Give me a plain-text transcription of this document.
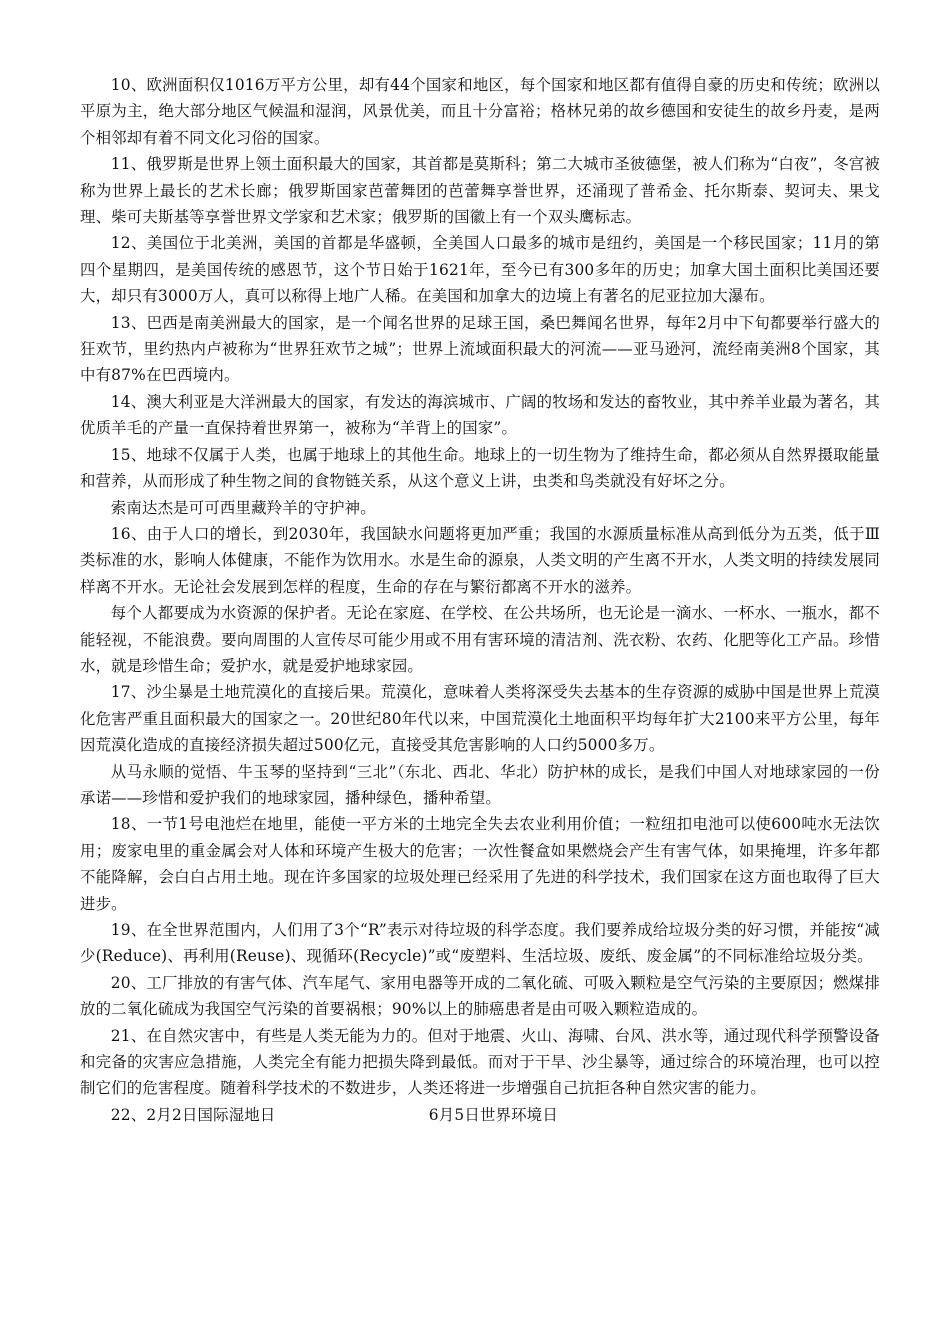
10、欧洲面积仅1016万平方公里，却有44个国家和地区，每个国家和地区都有值得自豪的历史和传统；欧洲以平原为主，绝大部分地区气候温和湿润，风景优美，而且十分富裕；格林兄弟的故乡德国和安徒生的故乡丹麦，是两个相邻却有着不同文化习俗的国家。

11、俄罗斯是世界上领土面积最大的国家，其首都是莫斯科；第二大城市圣彼德堡，被人们称为“白夜”，冬宫被称为世界上最长的艺术长廊；俄罗斯国家芭蕾舞团的芭蕾舞享誉世界，还涌现了普希金、托尔斯泰、契诃夫、果戈理、柴可夫斯基等享誉世界文学家和艺术家；俄罗斯的国徽上有一个双头鹰标志。

12、美国位于北美洲，美国的首都是华盛顿，全美国人口最多的城市是纽约，美国是一个移民国家；11月的第四个星期四，是美国传统的感恩节，这个节日始于1621年，至今已有300多年的历史；加拿大国土面积比美国还要大，却只有3000万人，真可以称得上地广人稀。在美国和加拿大的边境上有著名的尼亚拉加大瀑布。

13、巴西是南美洲最大的国家，是一个闻名世界的足球王国，桑巴舞闻名世界，每年2月中下旬都要举行盛大的狂欢节，里约热内卢被称为“世界狂欢节之城”；世界上流域面积最大的河流——亚马逊河，流经南美洲8个国家，其中有87%在巴西境内。

14、澳大利亚是大洋洲最大的国家，有发达的海滨城市、广阔的牧场和发达的畜牧业，其中养羊业最为著名，其优质羊毛的产量一直保持着世界第一，被称为“羊背上的国家”。

15、地球不仅属于人类，也属于地球上的其他生命。地球上的一切生物为了维持生命，都必须从自然界摄取能量和营养，从而形成了种生物之间的食物链关系，从这个意义上讲，虫类和鸟类就没有好坏之分。

索南达杰是可可西里藏羚羊的守护神。

16、由于人口的增长，到2030年，我国缺水问题将更加严重；我国的水源质量标准从高到低分为五类，低于Ⅲ类标准的水，影响人体健康，不能作为饮用水。水是生命的源泉，人类文明的产生离不开水，人类文明的持续发展同样离不开水。无论社会发展到怎样的程度，生命的存在与繁衍都离不开水的滋养。

每个人都要成为水资源的保护者。无论在家庭、在学校、在公共场所，也无论是一滴水、一杯水、一瓶水，都不能轻视，不能浪费。要向周围的人宣传尽可能少用或不用有害环境的清洁剂、洗衣粉、农药、化肥等化工产品。珍惜水，就是珍惜生命；爱护水，就是爱护地球家园。

17、沙尘暴是土地荒漠化的直接后果。荒漠化，意味着人类将深受失去基本的生存资源的威胁中国是世界上荒漠化危害严重且面积最大的国家之一。20世纪80年代以来，中国荒漠化土地面积平均每年扩大2100来平方公里，每年因荒漠化造成的直接经济损失超过500亿元，直接受其危害影响的人口约5000多万。

从马永顺的觉悟、牛玉琴的坚持到“三北”（东北、西北、华北）防护林的成长，是我们中国人对地球家园的一份承诺——珍惜和爱护我们的地球家园，播种绿色，播种希望。

18、一节1号电池烂在地里，能使一平方米的土地完全失去农业利用价值；一粒纽扣电池可以使600吨水无法饮用；废家电里的重金属会对人体和环境产生极大的危害；一次性餐盒如果燃烧会产生有害气体，如果掩埋，许多年都不能降解，会白白占用土地。现在许多国家的垃圾处理已经采用了先进的科学技术，我们国家在这方面也取得了巨大进步。

19、在全世界范围内，人们用了3个“R”表示对待垃圾的科学态度。我们要养成给垃圾分类的好习惯，并能按“减少(Reduce)、再利用(Reuse)、现循环(Recycle)”或“废塑料、生活垃圾、废纸、废金属”的不同标准给垃圾分类。

20、工厂排放的有害气体、汽车尾气、家用电器等开成的二氧化硫、可吸入颗粒是空气污染的主要原因；燃煤排放的二氧化硫成为我国空气污染的首要祸根；90%以上的肺癌患者是由可吸入颗粒造成的。

21、在自然灾害中，有些是人类无能为力的。但对于地震、火山、海啸、台风、洪水等，通过现代科学预警设备和完备的灾害应急措施，人类完全有能力把损失降到最低。而对于干旱、沙尘暴等，通过综合的环境治理，也可以控制它们的危害程度。随着科学技术的不数进步，人类还将进一步增强自己抗拒各种自然灾害的能力。

22、2月2日国际湿地日	6月5日世界环境日
